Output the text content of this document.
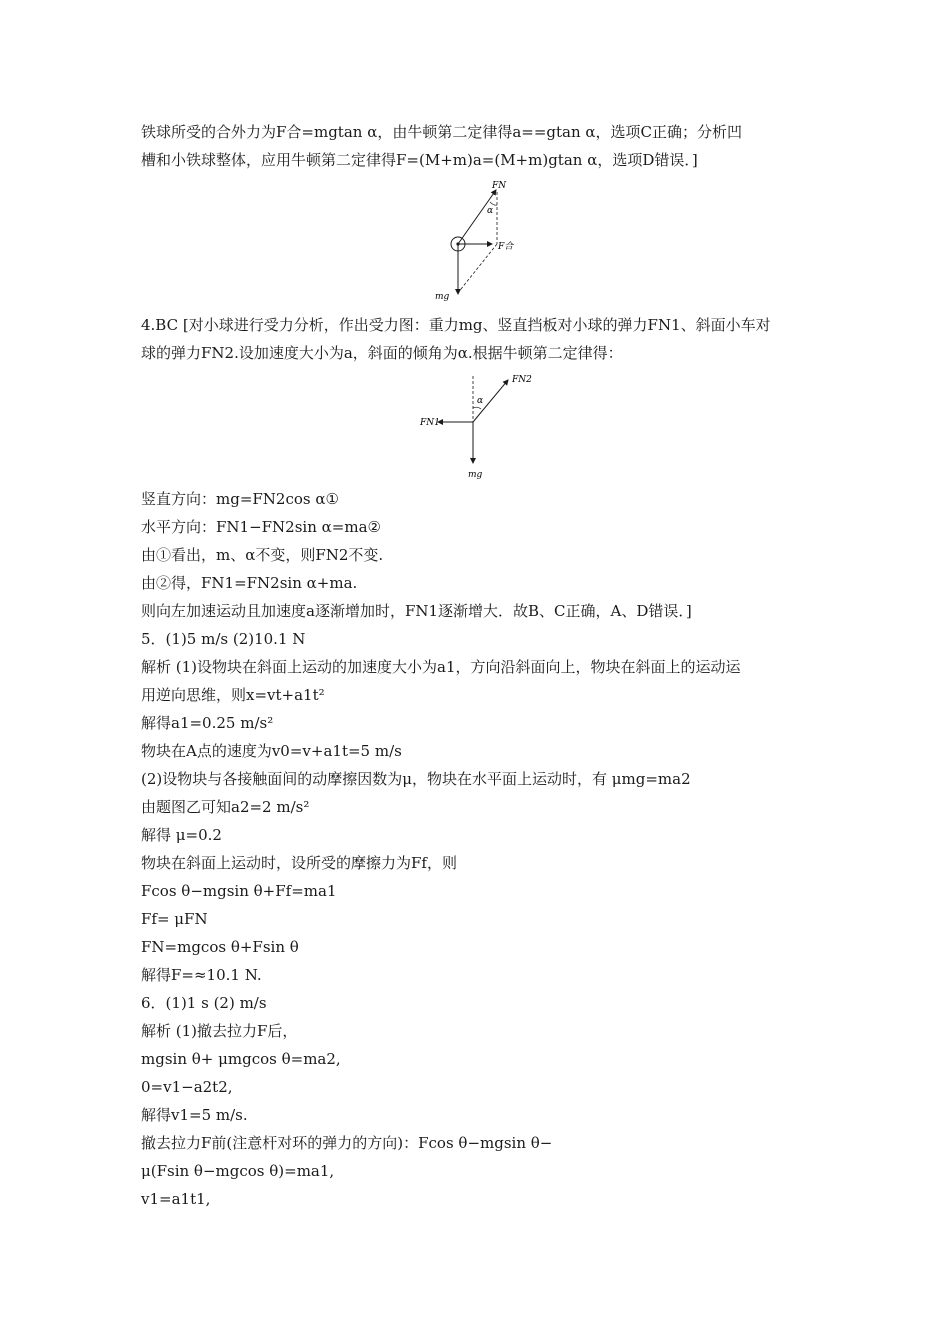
铁球所受的合外力为F合=mgtan α，由牛顿第二定律得a==gtan α，选项C正确；分析凹
槽和小铁球整体，应用牛顿第二定律得F=(M+m)a=(M+m)gtan α，选项D错误．]
FN
α
F合
mg
4.BC [对小球进行受力分析，作出受力图：重力mg、竖直挡板对小球的弹力FN1、斜面小车对
球的弹力FN2.设加速度大小为a，斜面的倾角为α.根据牛顿第二定律得：
FN2
α
FN1
mg
竖直方向：mg=FN2cos α①
水平方向：FN1−FN2sin α=ma②
由①看出，m、α不变，则FN2不变.
由②得，FN1=FN2sin α+ma.
则向左加速运动且加速度a逐渐增加时，FN1逐渐增大．故B、C正确，A、D错误．]
5．(1)5 m/s (2)10.1 N
解析 (1)设物块在斜面上运动的加速度大小为a1，方向沿斜面向上，物块在斜面上的运动运
用逆向思维，则x=vt+a1t²
解得a1=0.25 m/s²
物块在A点的速度为v0=v+a1t=5 m/s
(2)设物块与各接触面间的动摩擦因数为μ，物块在水平面上运动时，有 μmg=ma2
由题图乙可知a2=2 m/s²
解得 μ=0.2
物块在斜面上运动时，设所受的摩擦力为Ff，则
Fcos θ−mgsin θ+Ff=ma1
Ff= μFN
FN=mgcos θ+Fsin θ
解得F=≈10.1 N.
6．(1)1 s (2) m/s
解析 (1)撤去拉力F后，
mgsin θ+ μmgcos θ=ma2,
0=v1−a2t2,
解得v1=5 m/s.
撤去拉力F前(注意杆对环的弹力的方向)：Fcos θ−mgsin θ−
μ(Fsin θ−mgcos θ)=ma1,
v1=a1t1,
